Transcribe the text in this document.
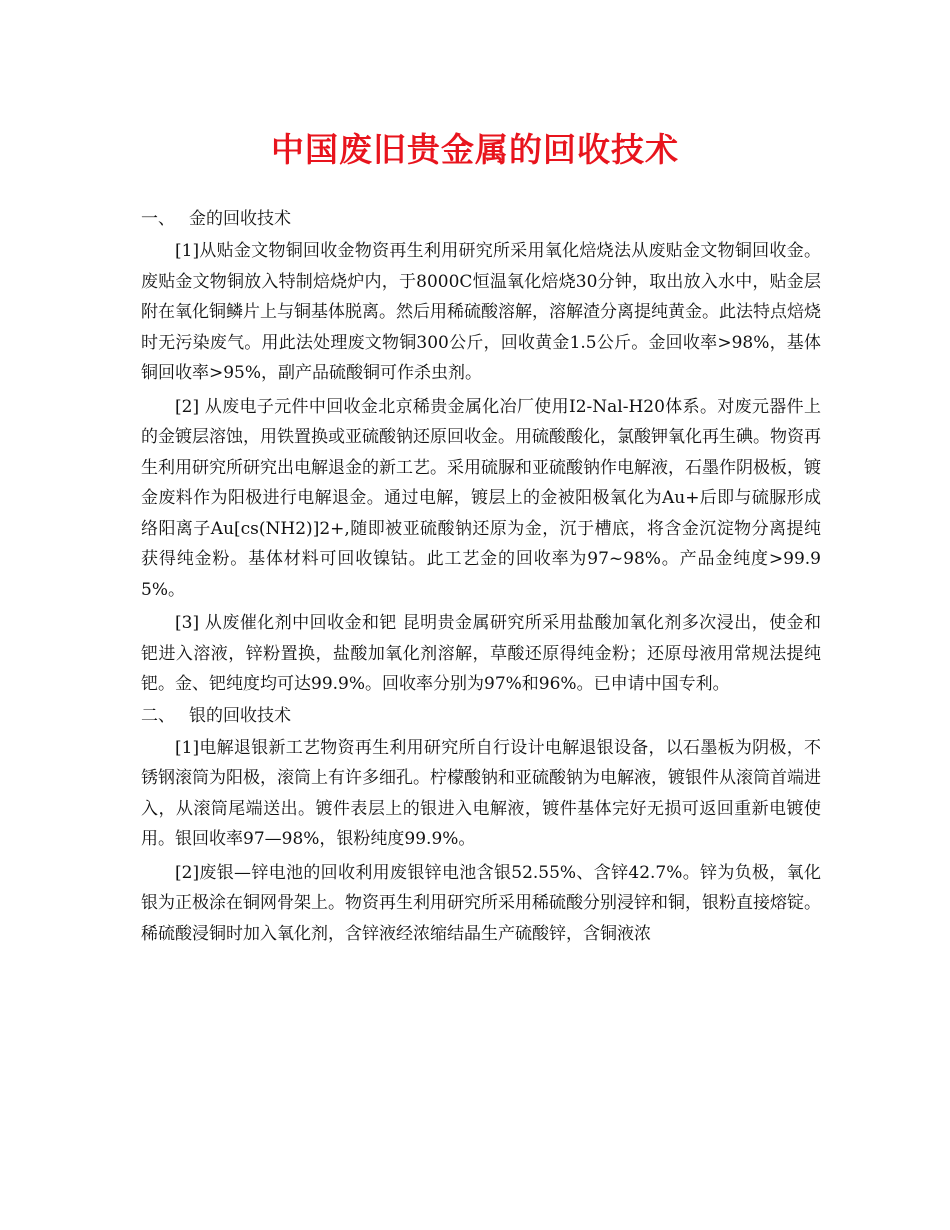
中国废旧贵金属的回收技术
一、 金的回收技术

[1]从贴金文物铜回收金物资再生利用研究所采用氧化焙烧法从废贴金文物铜回收金。废贴金文物铜放入特制焙烧炉内，于8000C恒温氧化焙烧30分钟，取出放入水中，贴金层附在氧化铜鳞片上与铜基体脱离。然后用稀硫酸溶解，溶解渣分离提纯黄金。此法特点焙烧时无污染废气。用此法处理废文物铜300公斤，回收黄金1.5公斤。金回收率>98%，基体铜回收率>95%，副产品硫酸铜可作杀虫剂。

[2] 从废电子元件中回收金北京稀贵金属化冶厂使用I2-Nal-H20体系。对废元器件上的金镀层溶蚀，用铁置换或亚硫酸钠还原回收金。用硫酸酸化，氯酸钾氧化再生碘。物资再生利用研究所研究出电解退金的新工艺。采用硫脲和亚硫酸钠作电解液，石墨作阴极板，镀金废料作为阳极进行电解退金。通过电解，镀层上的金被阳极氧化为Au+后即与硫脲形成络阳离子Au[cs(NH2)]2+,随即被亚硫酸钠还原为金，沉于槽底，将含金沉淀物分离提纯获得纯金粉。基体材料可回收镍钴。此工艺金的回收率为97~98%。产品金纯度>99.95%。

[3] 从废催化剂中回收金和钯 昆明贵金属研究所采用盐酸加氧化剂多次浸出，使金和钯进入溶液，锌粉置换，盐酸加氧化剂溶解，草酸还原得纯金粉；还原母液用常规法提纯钯。金、钯纯度均可达99.9%。回收率分别为97%和96%。已申请中国专利。

二、 银的回收技术

[1]电解退银新工艺物资再生利用研究所自行设计电解退银设备，以石墨板为阴极，不锈钢滚筒为阳极，滚筒上有许多细孔。柠檬酸钠和亚硫酸钠为电解液，镀银件从滚筒首端进入，从滚筒尾端送出。镀件表层上的银进入电解液，镀件基体完好无损可返回重新电镀使用。银回收率97—98%，银粉纯度99.9%。

[2]废银—锌电池的回收利用废银锌电池含银52.55%、含锌42.7%。锌为负极，氧化银为正极涂在铜网骨架上。物资再生利用研究所采用稀硫酸分别浸锌和铜，银粉直接熔锭。稀硫酸浸铜时加入氧化剂，含锌液经浓缩结晶生产硫酸锌，含铜液浓
